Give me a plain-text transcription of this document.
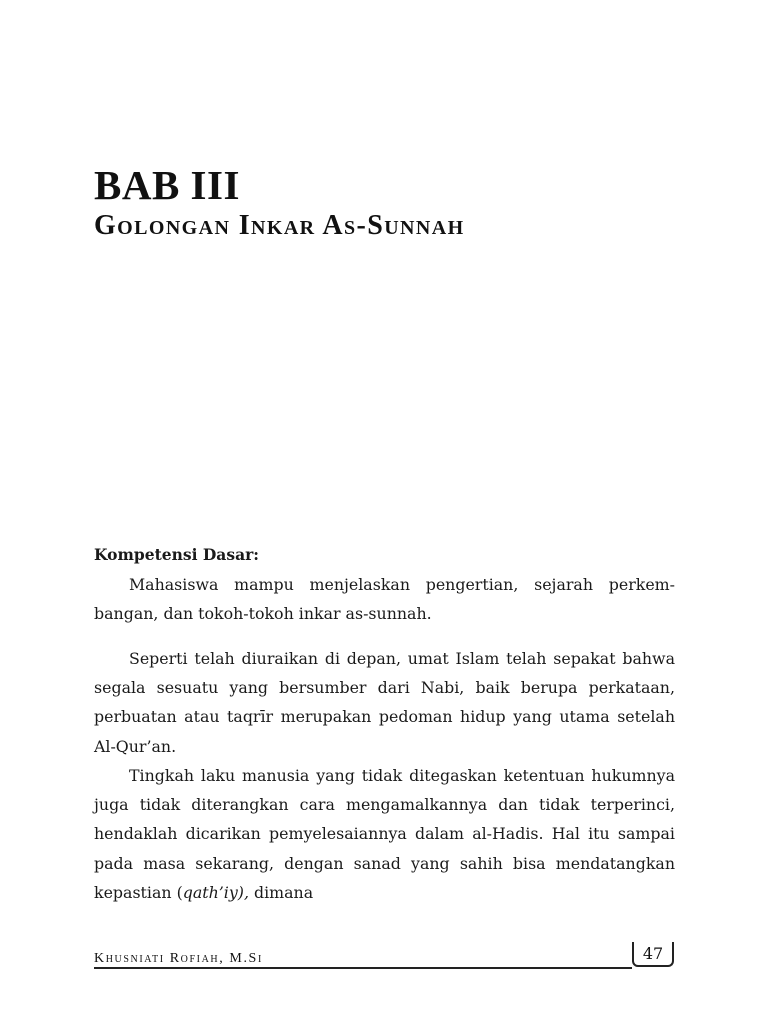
BAB III
Golongan Inkar As-Sunnah
Kompetensi Dasar:
Mahasiswa mampu menjelaskan pengertian, sejarah perkem-bangan, dan tokoh-tokoh inkar as-sunnah.
Seperti telah diuraikan di depan, umat Islam telah sepakat bahwa segala sesuatu yang bersumber dari Nabi, baik berupa perkataan, perbuatan atau taqrīr merupakan pedoman hidup yang utama setelah Al-Qur’an.
Tingkah laku manusia yang tidak ditegaskan ketentuan hukumnya juga tidak diterangkan cara mengamalkannya dan tidak terperinci, hendaklah dicarikan pemyelesaiannya dalam al-Hadis. Hal itu sampai pada masa sekarang, dengan sanad yang sahih bisa mendatangkan kepastian (qath’iy), dimana
Khusniati Rofiah, M.Si	47
